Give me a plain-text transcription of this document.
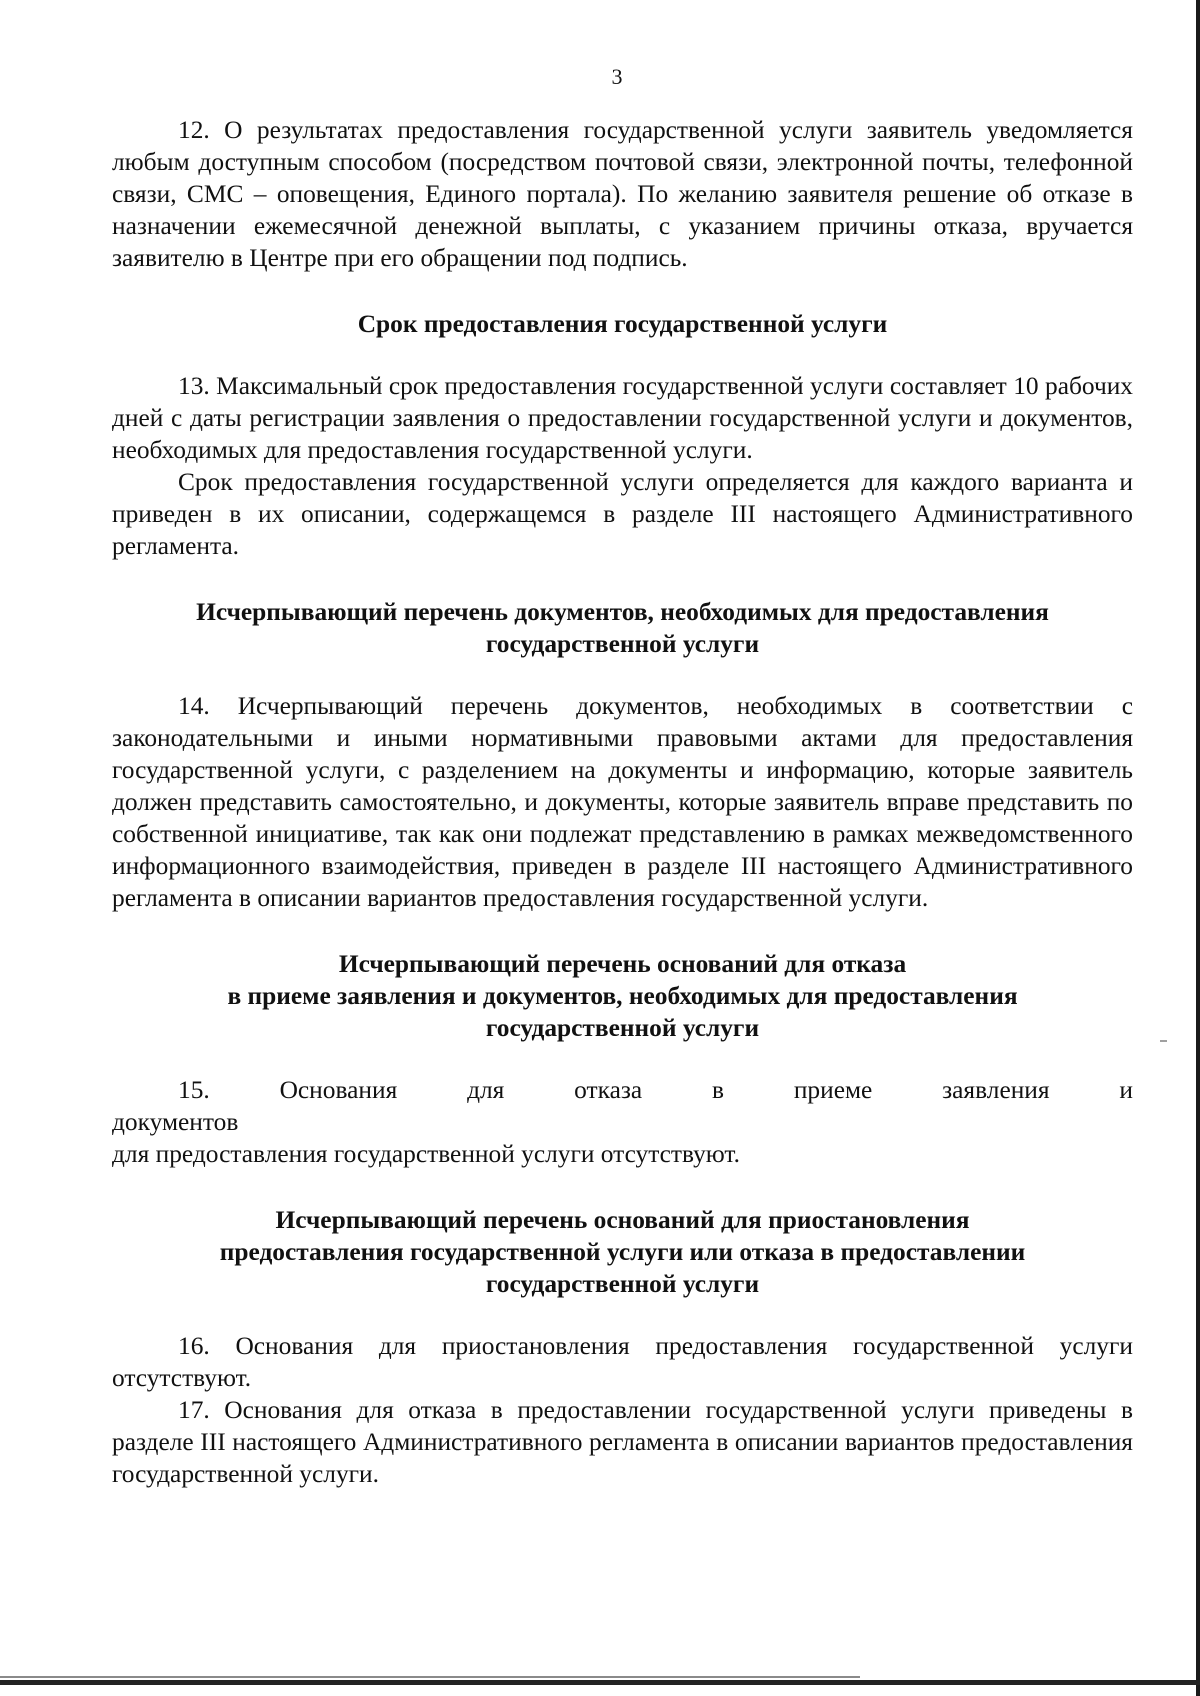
3

12. О результатах предоставления государственной услуги заявитель уведомляется любым доступным способом (посредством почтовой связи, электронной почты, телефонной связи, СМС – оповещения, Единого портала). По желанию заявителя решение об отказе в назначении ежемесячной денежной выплаты, с указанием причины отказа, вручается заявителю в Центре при его обращении под подпись.

Срок предоставления государственной услуги

13. Максимальный срок предоставления государственной услуги составляет 10 рабочих дней с даты регистрации заявления о предоставлении государственной услуги и документов, необходимых для предоставления государственной услуги.

Срок предоставления государственной услуги определяется для каждого варианта и приведен в их описании, содержащемся в разделе III настоящего Административного регламента.

Исчерпывающий перечень документов, необходимых для предоставления
государственной услуги

14. Исчерпывающий перечень документов, необходимых в соответствии с законодательными и иными нормативными правовыми актами для предоставления государственной услуги, с разделением на документы и информацию, которые заявитель должен представить самостоятельно, и документы, которые заявитель вправе представить по собственной инициативе, так как они подлежат представлению в рамках межведомственного информационного взаимодействия, приведен в разделе III настоящего Административного регламента в описании вариантов предоставления государственной услуги.

Исчерпывающий перечень оснований для отказа
в приеме заявления и документов, необходимых для предоставления
государственной услуги

15. Основания для отказа в приеме заявления и документов

для предоставления государственной услуги отсутствуют.

Исчерпывающий перечень оснований для приостановления
предоставления государственной услуги или отказа в предоставлении
государственной услуги

16. Основания для приостановления предоставления государственной услуги отсутствуют.

17. Основания для отказа в предоставлении государственной услуги приведены в разделе III настоящего Административного регламента в описании вариантов предоставления государственной услуги.
